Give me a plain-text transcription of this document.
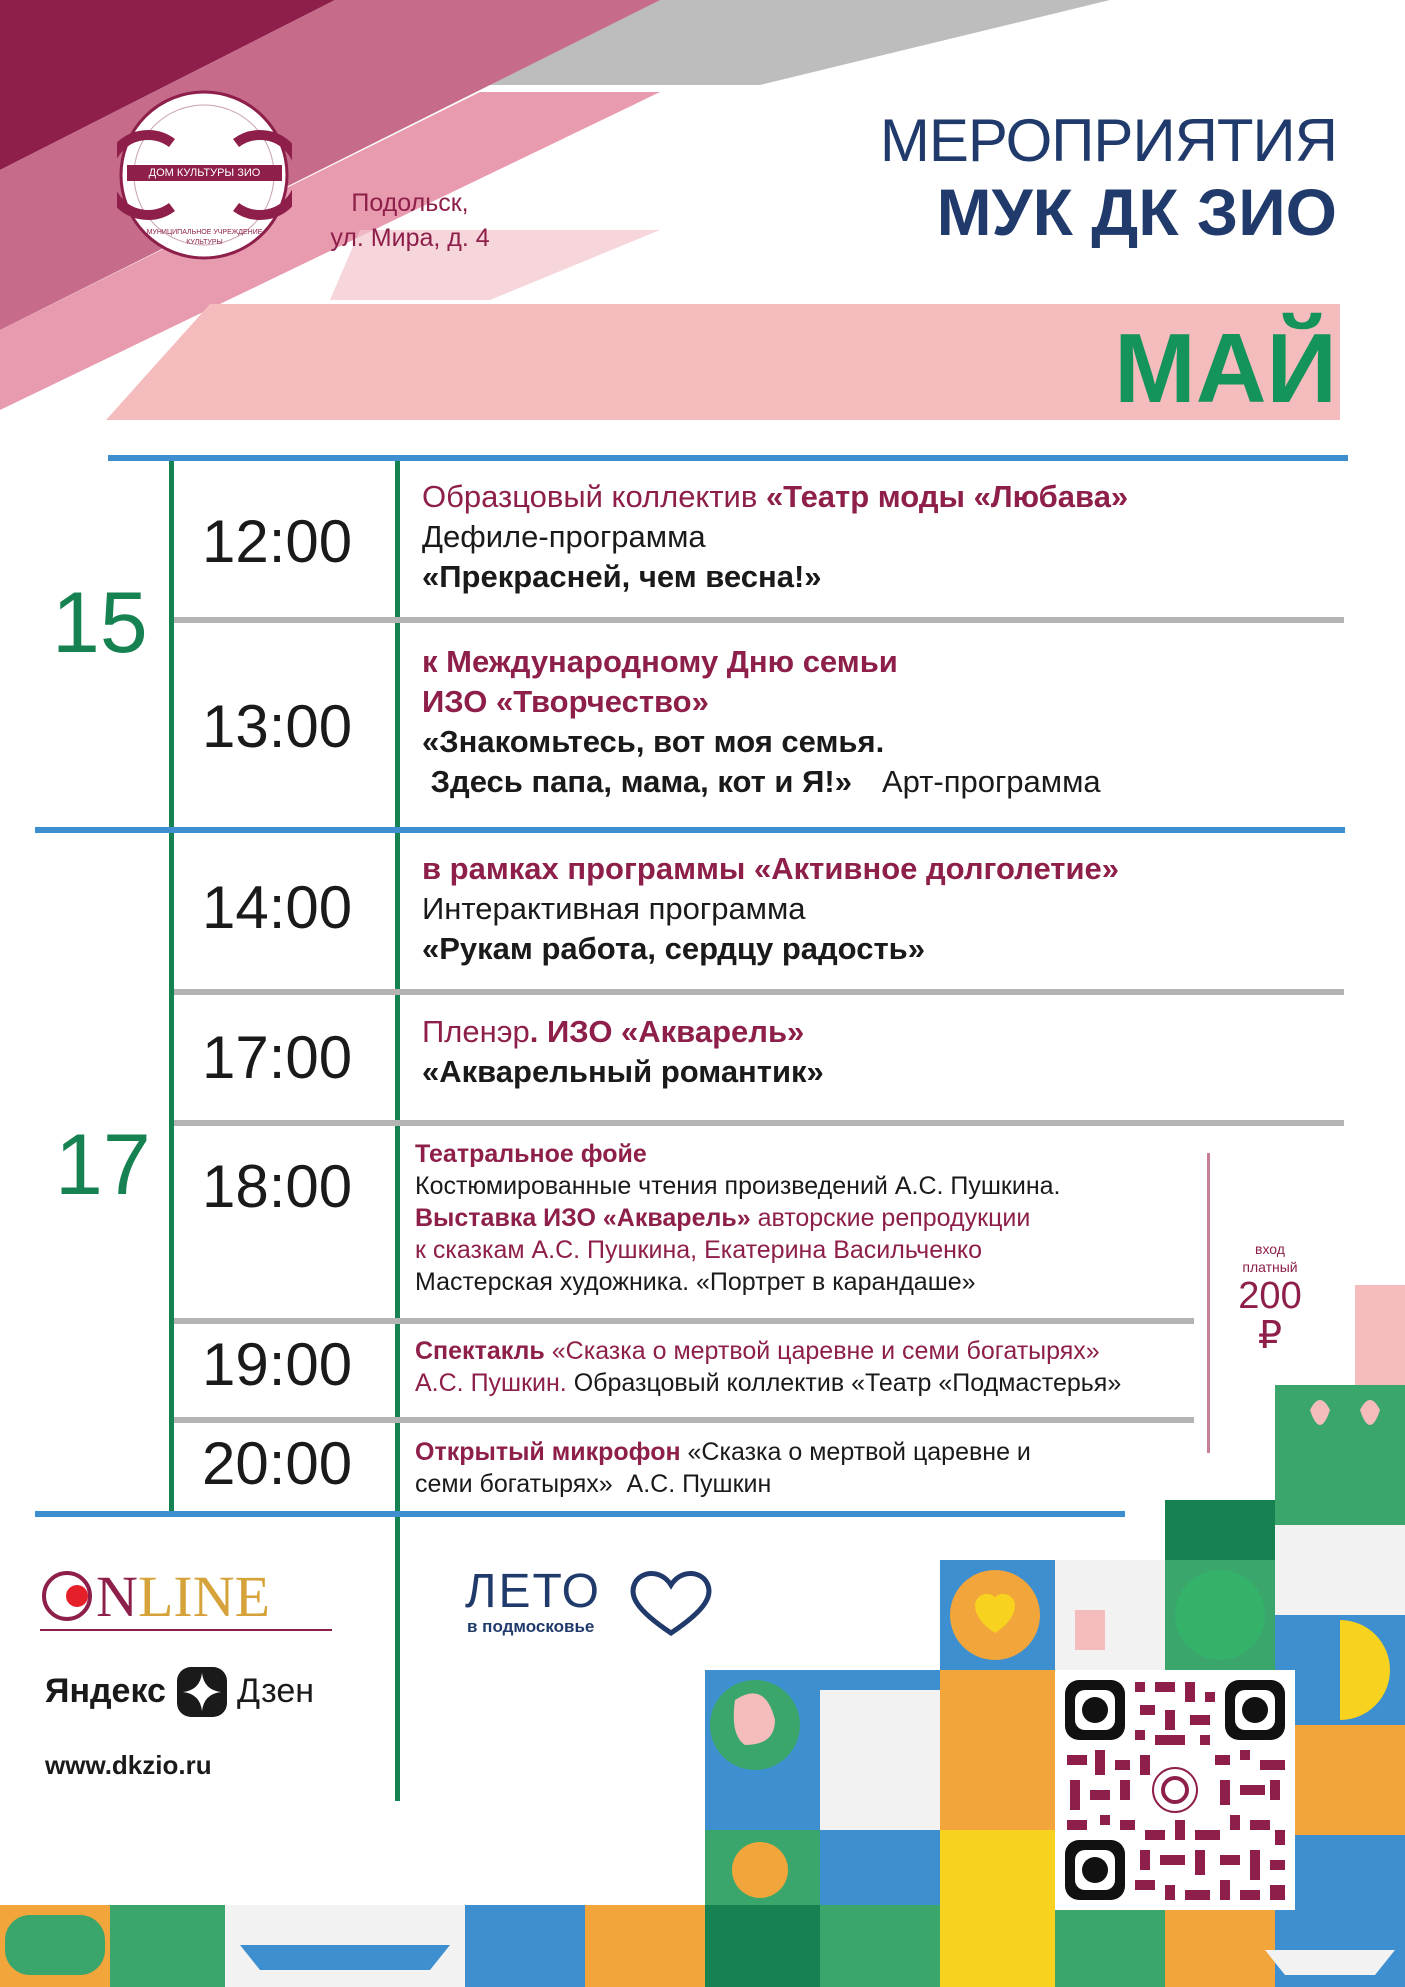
ДОМ КУЛЬТУРЫ ЗИО
МУНИЦИПАЛЬНОЕ УЧРЕЖДЕНИЕ КУЛЬТУРЫ
Подольск,
ул. Мира, д. 4
МЕРОПРИЯТИЯ
МУК ДК ЗИО
МАЙ
15
17
12:00
13:00
14:00
17:00
18:00
19:00
20:00
Образцовый коллектив «Театр моды «Любава»
Дефиле-программа
«Прекрасней, чем весна!»
к Международному Дню семьи
ИЗО «Творчество»
«Знакомьтесь, вот моя семья.
Здесь папа, мама, кот и Я!» Арт-программа
в рамках программы «Активное долголетие»
Интерактивная программа
«Рукам работа, сердцу радость»
Пленэр. ИЗО «Акварель»
«Акварельный романтик»
Театральное фойе
Костюмированные чтения произведений А.С. Пушкина.
Выставка ИЗО «Акварель» авторские репродукции
к сказкам А.С. Пушкина, Екатерина Васильченко
Мастерская художника. «Портрет в карандаше»
Спектакль «Сказка о мертвой царевне и семи богатырях»
А.С. Пушкин. Образцовый коллектив «Театр «Подмастерья»
Открытый микрофон «Сказка о мертвой царевне и
семи богатырях»  А.С. Пушкин
вход
платный
200
₽
N LINE	ЛЕТО
в подмосковье
Яндекс Дзен
www.dkzio.ru
